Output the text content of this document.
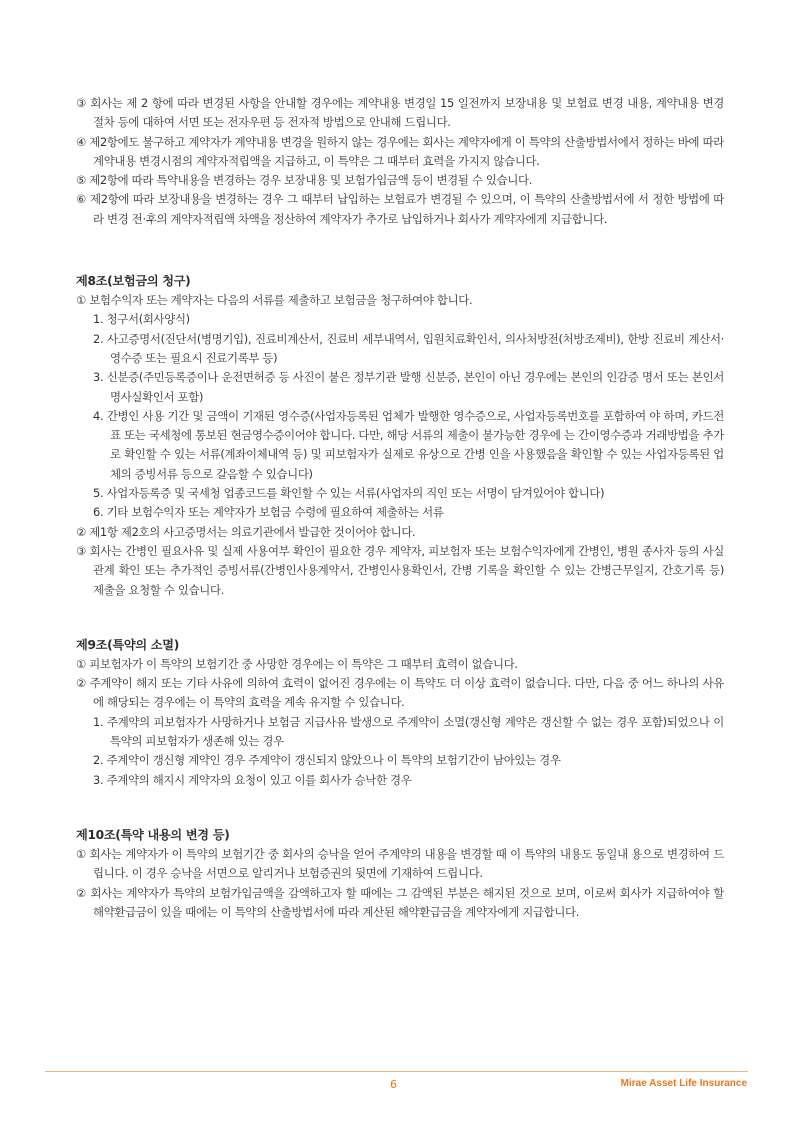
③ 회사는 제 2 항에 따라 변경된 사항을 안내할 경우에는 계약내용 변경일 15 일전까지 보장내용 및 보험료 변경 내용, 계약내용 변경 절차 등에 대하여 서면 또는 전자우편 등 전자적 방법으로 안내해 드립니다.
④ 제2항에도 불구하고 계약자가 계약내용 변경을 원하지 않는 경우에는 회사는 계약자에게 이 특약의 산출방법서에서 정하는 바에 따라 계약내용 변경시점의 계약자적립액을 지급하고, 이 특약은 그 때부터 효력을 가지지 않습니다.
⑤ 제2항에 따라 특약내용을 변경하는 경우 보장내용 및 보험가입금액 등이 변경될 수 있습니다.
⑥ 제2항에 따라 보장내용을 변경하는 경우 그 때부터 납입하는 보험료가 변경될 수 있으며, 이 특약의 산출방법서에 서 정한 방법에 따라 변경 전·후의 계약자적립액 차액을 정산하여 계약자가 추가로 납입하거나 회사가 계약자에게 지급합니다.
제8조(보험금의 청구)
① 보험수익자 또는 계약자는 다음의 서류를 제출하고 보험금을 청구하여야 합니다.
1. 청구서(회사양식)
2. 사고증명서(진단서(병명기입), 진료비계산서, 진료비 세부내역서, 입원치료확인서, 의사처방전(처방조제비), 한방 진료비 계산서·영수증 또는 필요시 진료기록부 등)
3. 신분증(주민등록증이나 운전면허증 등 사진이 붙은 정부기관 발행 신분증, 본인이 아닌 경우에는 본인의 인감증 명서 또는 본인서명사실확인서 포함)
4. 간병인 사용 기간 및 금액이 기재된 영수증(사업자등록된 업체가 발행한 영수증으로, 사업자등록번호를 포함하여 야 하며, 카드전표 또는 국세청에 통보된 현금영수증이어야 합니다. 다만, 해당 서류의 제출이 불가능한 경우에 는 간이영수증과 거래방법을 추가로 확인할 수 있는 서류(계좌이체내역 등) 및 피보험자가 실제로 유상으로 간병 인을 사용했음을 확인할 수 있는 사업자등록된 업체의 증빙서류 등으로 갈음할 수 있습니다)
5. 사업자등록증 및 국세청 업종코드를 확인할 수 있는 서류(사업자의 직인 또는 서명이 담겨있어야 합니다)
6. 기타 보험수익자 또는 계약자가 보험금 수령에 필요하여 제출하는 서류
② 제1항 제2호의 사고증명서는 의료기관에서 발급한 것이어야 합니다.
③ 회사는 간병인 필요사유 및 실제 사용여부 확인이 필요한 경우 계약자, 피보험자 또는 보험수익자에게 간병인, 병원 종사자 등의 사실관계 확인 또는 추가적인 증빙서류(간병인사용계약서, 간병인사용확인서, 간병 기록을 확인할 수 있는 간병근무일지, 간호기록 등) 제출을 요청할 수 있습니다.
제9조(특약의 소멸)
① 피보험자가 이 특약의 보험기간 중 사망한 경우에는 이 특약은 그 때부터 효력이 없습니다.
② 주계약이 해지 또는 기타 사유에 의하여 효력이 없어진 경우에는 이 특약도 더 이상 효력이 없습니다. 다만, 다음 중 어느 하나의 사유에 해당되는 경우에는 이 특약의 효력을 계속 유지할 수 있습니다.
1. 주계약의 피보험자가 사망하거나 보험금 지급사유 발생으로 주계약이 소멸(갱신형 계약은 갱신할 수 없는 경우 포함)되었으나 이 특약의 피보험자가 생존해 있는 경우
2. 주계약이 갱신형 계약인 경우 주계약이 갱신되지 않았으나 이 특약의 보험기간이 남아있는 경우
3. 주계약의 해지시 계약자의 요청이 있고 이를 회사가 승낙한 경우
제10조(특약 내용의 변경 등)
① 회사는 계약자가 이 특약의 보험기간 중 회사의 승낙을 얻어 주계약의 내용을 변경할 때 이 특약의 내용도 동일내 용으로 변경하여 드립니다. 이 경우 승낙을 서면으로 알리거나 보험증권의 뒷면에 기재하여 드립니다.
② 회사는 계약자가 특약의 보험가입금액을 감액하고자 할 때에는 그 감액된 부분은 해지된 것으로 보며, 이로써 회사가 지급하여야 할 해약환급금이 있을 때에는 이 특약의 산출방법서에 따라 계산된 해약환급금을 계약자에게 지급합니다.
6	Mirae Asset Life Insurance
